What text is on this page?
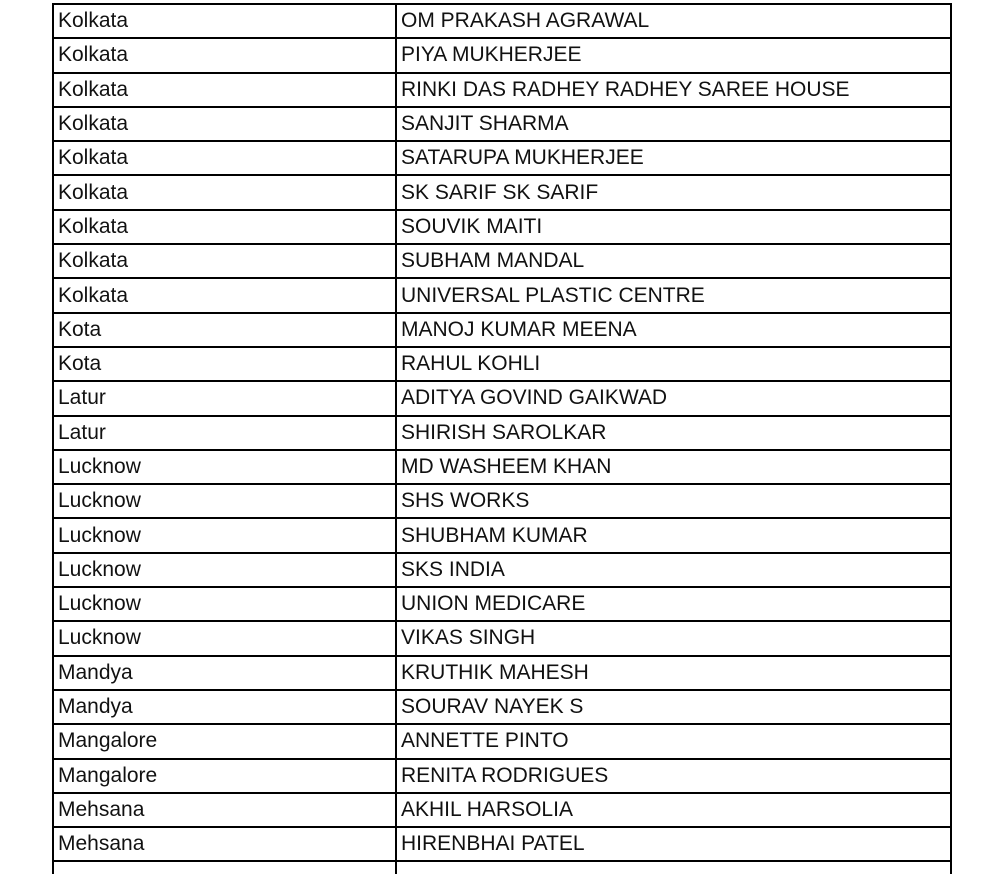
Kolkata	OM PRAKASH AGRAWAL
Kolkata	PIYA MUKHERJEE
Kolkata	RINKI DAS RADHEY RADHEY SAREE HOUSE
Kolkata	SANJIT SHARMA
Kolkata	SATARUPA MUKHERJEE
Kolkata	SK SARIF SK SARIF
Kolkata	SOUVIK MAITI
Kolkata	SUBHAM MANDAL
Kolkata	UNIVERSAL PLASTIC CENTRE
Kota	MANOJ KUMAR MEENA
Kota	RAHUL KOHLI
Latur	ADITYA GOVIND GAIKWAD
Latur	SHIRISH SAROLKAR
Lucknow	MD WASHEEM KHAN
Lucknow	SHS WORKS
Lucknow	SHUBHAM KUMAR
Lucknow	SKS INDIA
Lucknow	UNION MEDICARE
Lucknow	VIKAS SINGH
Mandya	KRUTHIK MAHESH
Mandya	SOURAV NAYEK S
Mangalore	ANNETTE PINTO
Mangalore	RENITA RODRIGUES
Mehsana	AKHIL HARSOLIA
Mehsana	HIRENBHAI PATEL
